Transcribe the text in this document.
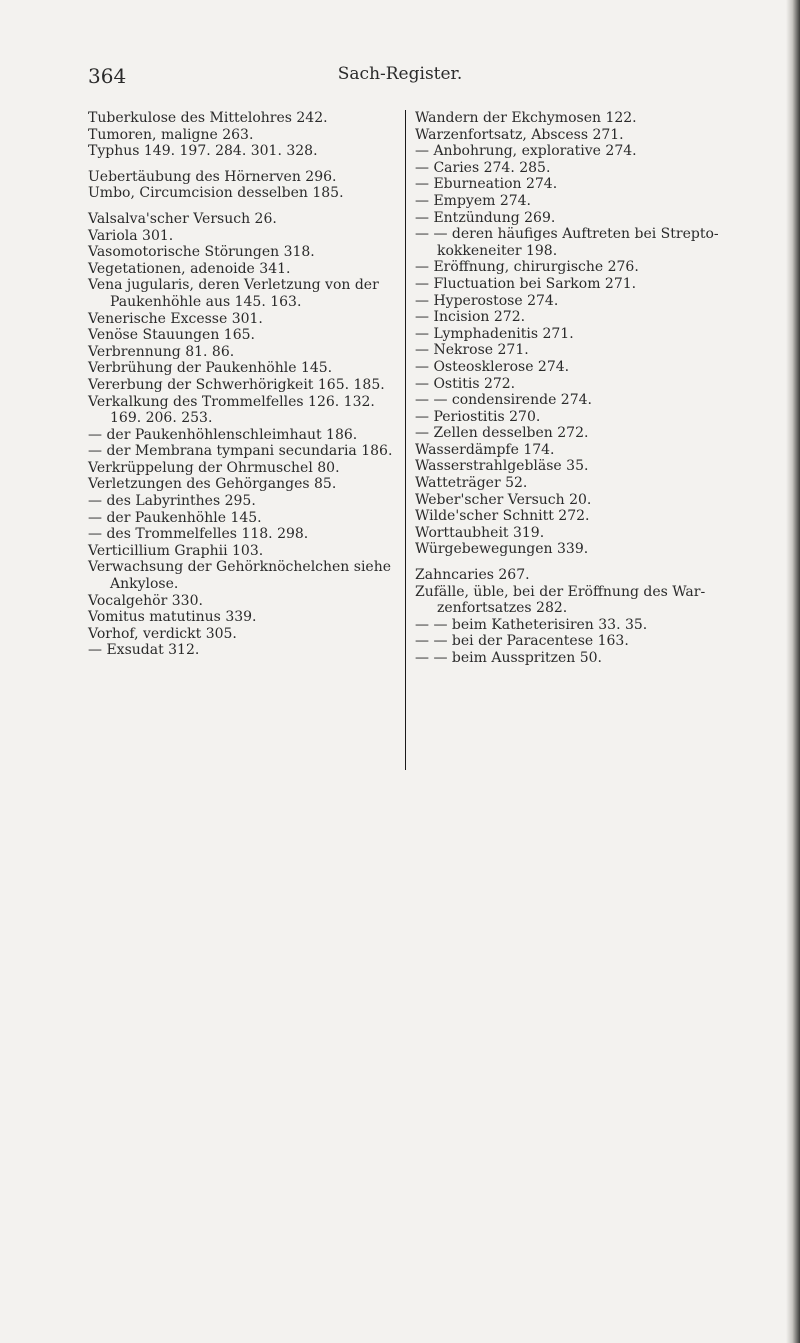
364	Sach-Register.
Tuberkulose des Mittelohres 242.
Tumoren, maligne 263.
Typhus 149. 197. 284. 301. 328.
Uebertäubung des Hörnerven 296.
Umbo, Circumcision desselben 185.
Valsalva'scher Versuch 26.
Variola 301.
Vasomotorische Störungen 318.
Vegetationen, adenoide 341.
Vena jugularis, deren Verletzung von der Paukenhöhle aus 145. 163.
Venerische Excesse 301.
Venöse Stauungen 165.
Verbrennung 81. 86.
Verbrühung der Paukenhöhle 145.
Vererbung der Schwerhörigkeit 165. 185.
Verkalkung des Trommelfelles 126. 132. 169. 206. 253.
— der Paukenhöhlenschleimhaut 186.
— der Membrana tympani secundaria 186.
Verkrüppelung der Ohrmuschel 80.
Verletzungen des Gehörganges 85.
— des Labyrinthes 295.
— der Paukenhöhle 145.
— des Trommelfelles 118. 298.
Verticillium Graphii 103.
Verwachsung der Gehörknöchelchen siehe Ankylose.
Vocalgehör 330.
Vomitus matutinus 339.
Vorhof, verdickt 305.
— Exsudat 312.
Wandern der Ekchymosen 122.
Warzenfortsatz, Abscess 271.
— Anbohrung, explorative 274.
— Caries 274. 285.
— Eburneation 274.
— Empyem 274.
— Entzündung 269.
— — deren häufiges Auftreten bei Strepto-kokkeneiter 198.
— Eröffnung, chirurgische 276.
— Fluctuation bei Sarkom 271.
— Hyperostose 274.
— Incision 272.
— Lymphadenitis 271.
— Nekrose 271.
— Osteosklerose 274.
— Ostitis 272.
— — condensirende 274.
— Periostitis 270.
— Zellen desselben 272.
Wasserdämpfe 174.
Wasserstrahlgebläse 35.
Watteträger 52.
Weber'scher Versuch 20.
Wilde'scher Schnitt 272.
Worttaubheit 319.
Würgebewegungen 339.
Zahncaries 267.
Zufälle, üble, bei der Eröffnung des War-zenfortsatzes 282.
— — beim Katheterisiren 33. 35.
— — bei der Paracentese 163.
— — beim Ausspritzen 50.
